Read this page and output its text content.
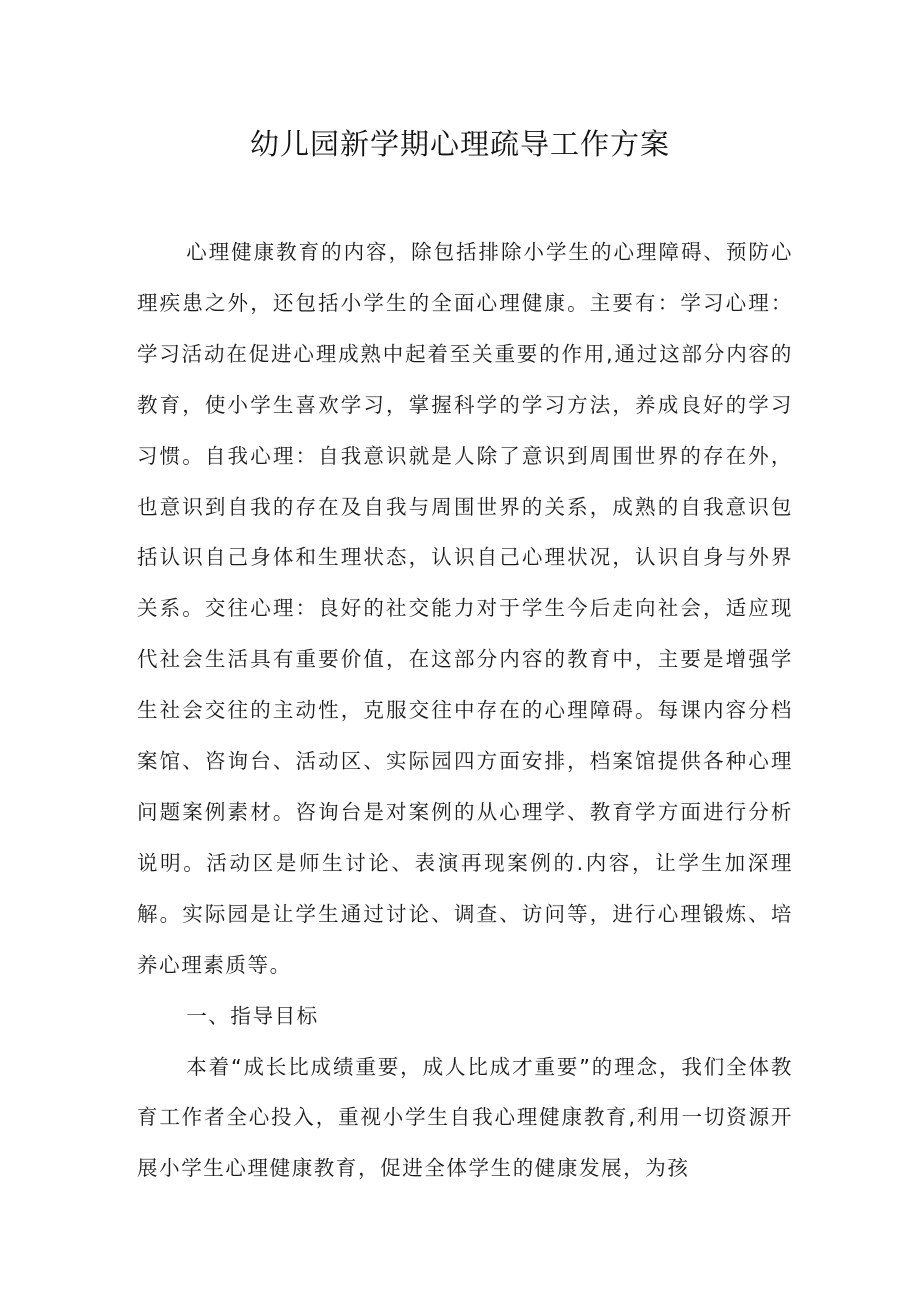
幼儿园新学期心理疏导工作方案

心理健康教育的内容，除包括排除小学生的心理障碍、预防心理疾患之外，还包括小学生的全面心理健康。主要有：学习心理：学习活动在促进心理成熟中起着至关重要的作用,通过这部分内容的教育，使小学生喜欢学习，掌握科学的学习方法，养成良好的学习习惯。自我心理：自我意识就是人除了意识到周围世界的存在外，也意识到自我的存在及自我与周围世界的关系，成熟的自我意识包括认识自己身体和生理状态，认识自己心理状况，认识自身与外界关系。交往心理：良好的社交能力对于学生今后走向社会，适应现代社会生活具有重要价值，在这部分内容的教育中，主要是增强学生社会交往的主动性，克服交往中存在的心理障碍。每课内容分档案馆、咨询台、活动区、实际园四方面安排，档案馆提供各种心理问题案例素材。咨询台是对案例的从心理学、教育学方面进行分析说明。活动区是师生讨论、表演再现案例的.内容，让学生加深理解。实际园是让学生通过讨论、调查、访问等，进行心理锻炼、培养心理素质等。

一、指导目标

本着“成长比成绩重要，成人比成才重要”的理念，我们全体教育工作者全心投入，重视小学生自我心理健康教育,利用一切资源开展小学生心理健康教育，促进全体学生的健康发展，为孩
